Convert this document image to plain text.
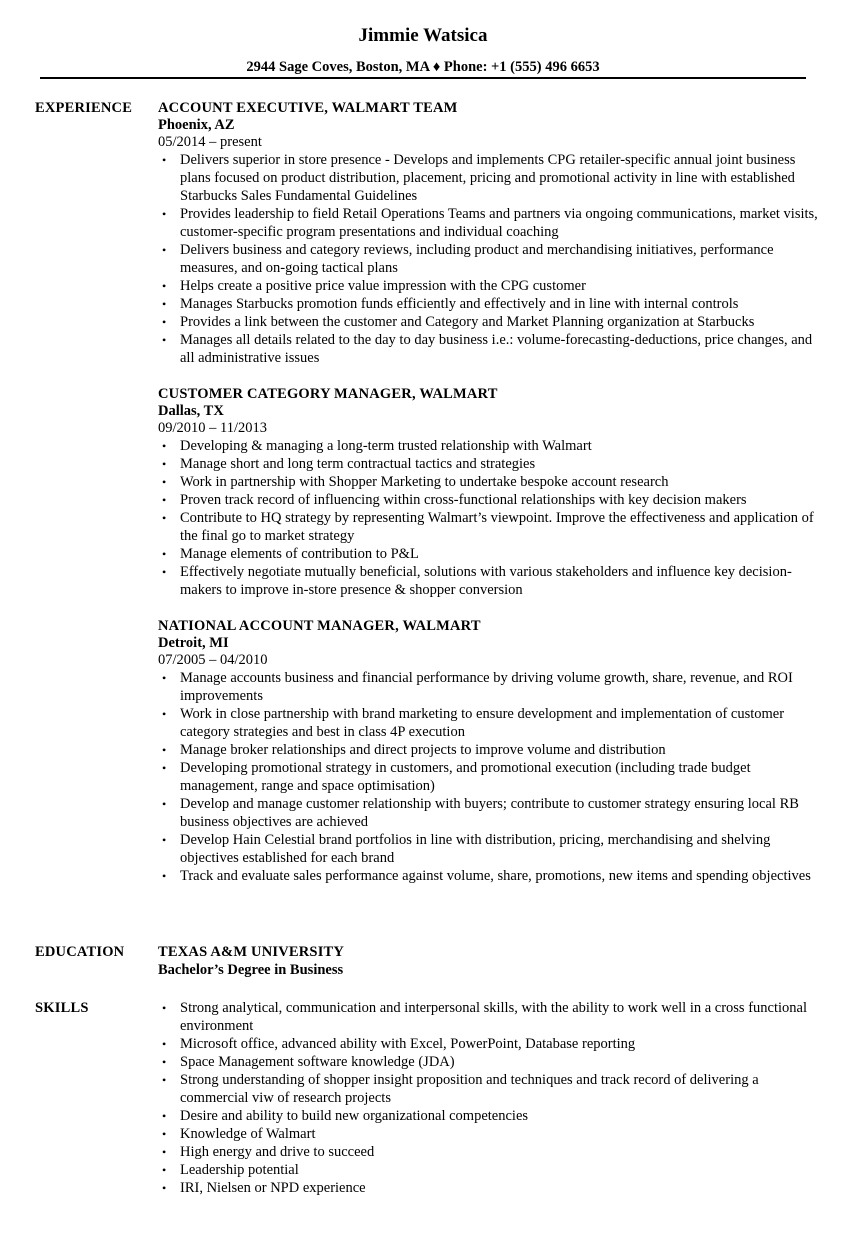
Jimmie Watsica
2944 Sage Coves, Boston, MA ♦ Phone: +1 (555) 496 6653
EXPERIENCE ACCOUNT EXECUTIVE, WALMART TEAM
Phoenix, AZ
05/2014 – present
• Delivers superior in store presence - Develops and implements CPG retailer-specific annual joint business plans focused on product distribution, placement, pricing and promotional activity in line with established Starbucks Sales Fundamental Guidelines
• Provides leadership to field Retail Operations Teams and partners via ongoing communications, market visits, customer-specific program presentations and individual coaching
• Delivers business and category reviews, including product and merchandising initiatives, performance measures, and on-going tactical plans
• Helps create a positive price value impression with the CPG customer
• Manages Starbucks promotion funds efficiently and effectively and in line with internal controls
• Provides a link between the customer and Category and Market Planning organization at Starbucks
• Manages all details related to the day to day business i.e.: volume-forecasting-deductions, price changes, and all administrative issues
CUSTOMER CATEGORY MANAGER, WALMART
Dallas, TX
09/2010 – 11/2013
• Developing & managing a long-term trusted relationship with Walmart
• Manage short and long term contractual tactics and strategies
• Work in partnership with Shopper Marketing to undertake bespoke account research
• Proven track record of influencing within cross-functional relationships with key decision makers
• Contribute to HQ strategy by representing Walmart’s viewpoint. Improve the effectiveness and application of the final go to market strategy
• Manage elements of contribution to P&L
• Effectively negotiate mutually beneficial, solutions with various stakeholders and influence key decision-makers to improve in-store presence & shopper conversion
NATIONAL ACCOUNT MANAGER, WALMART
Detroit, MI
07/2005 – 04/2010
• Manage accounts business and financial performance by driving volume growth, share, revenue, and ROI improvements
• Work in close partnership with brand marketing to ensure development and implementation of customer category strategies and best in class 4P execution
• Manage broker relationships and direct projects to improve volume and distribution
• Developing promotional strategy in customers, and promotional execution (including trade budget management, range and space optimisation)
• Develop and manage customer relationship with buyers; contribute to customer strategy ensuring local RB business objectives are achieved
• Develop Hain Celestial brand portfolios in line with distribution, pricing, merchandising and shelving objectives established for each brand
• Track and evaluate sales performance against volume, share, promotions, new items and spending objectives
EDUCATION TEXAS A&M UNIVERSITY
Bachelor’s Degree in Business
SKILLS	• Strong analytical, communication and interpersonal skills, with the ability to work well in a cross functional environment
• Microsoft office, advanced ability with Excel, PowerPoint, Database reporting
• Space Management software knowledge (JDA)
• Strong understanding of shopper insight proposition and techniques and track record of delivering a commercial viw of research projects
• Desire and ability to build new organizational competencies
• Knowledge of Walmart
• High energy and drive to succeed
• Leadership potential
• IRI, Nielsen or NPD experience
